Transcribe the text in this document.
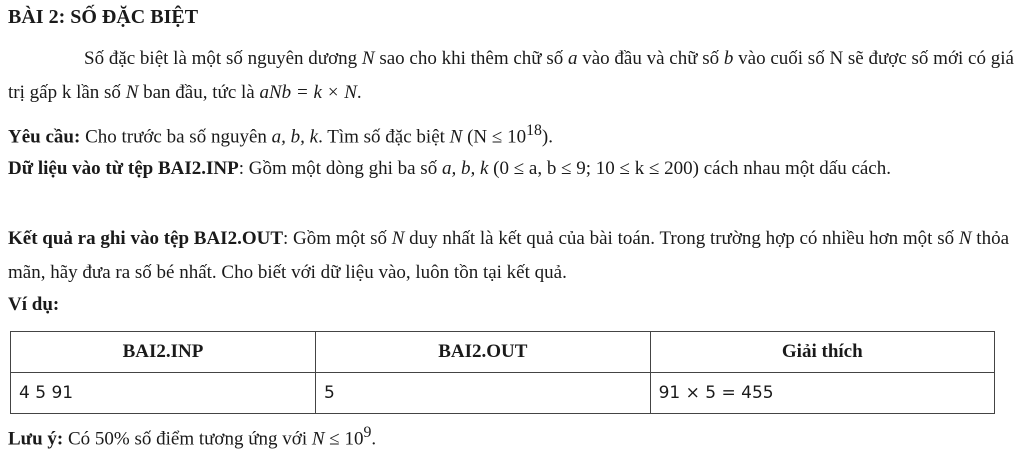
BÀI 2: SỐ ĐẶC BIỆT
Số đặc biệt là một số nguyên dương N sao cho khi thêm chữ số a vào đầu và chữ số b vào cuối số N sẽ được số mới có giá trị gấp k lần số N ban đầu, tức là aNb = k × N.
Yêu cầu: Cho trước ba số nguyên a, b, k. Tìm số đặc biệt N $(N \le 10^{18})$.
Dữ liệu vào từ tệp BAI2.INP: Gồm một dòng ghi ba số a, b, k (0 ≤ a, b ≤ 9; 10 ≤ k ≤ 200) cách nhau một dấu cách.
Kết quả ra ghi vào tệp BAI2.OUT: Gồm một số N duy nhất là kết quả của bài toán. Trong trường hợp có nhiều hơn một số N thỏa mãn, hãy đưa ra số bé nhất. Cho biết với dữ liệu vào, luôn tồn tại kết quả.
Ví dụ:
BAI2.INP	BAI2.OUT	Giải thích
4 5 91	5	91 × 5 = 455
Lưu ý: Có 50% số điểm tương ứng với $N \le 10^9$.
